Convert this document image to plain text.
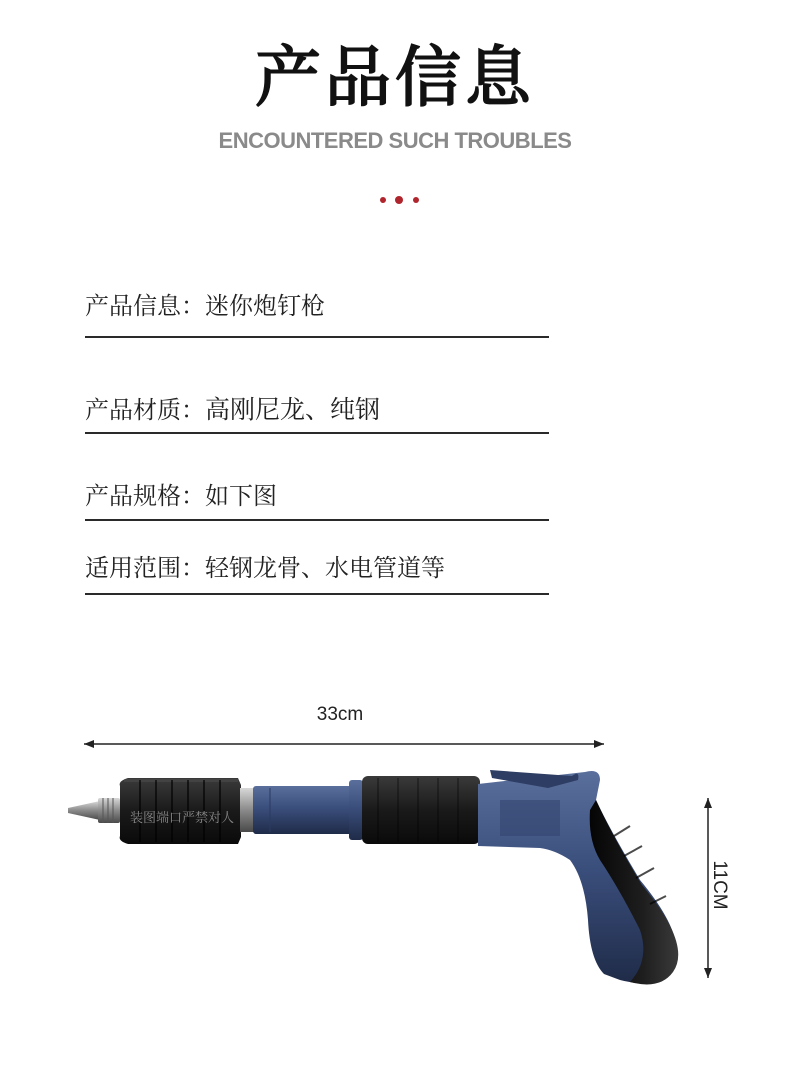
产品信息
ENCOUNTERED SUCH TROUBLES
产品信息：迷你炮钉枪
产品材质：高刚尼龙、纯钢
产品规格：如下图
适用范围：轻钢龙骨、水电管道等
33cm
11CM
装图端口严禁对人
